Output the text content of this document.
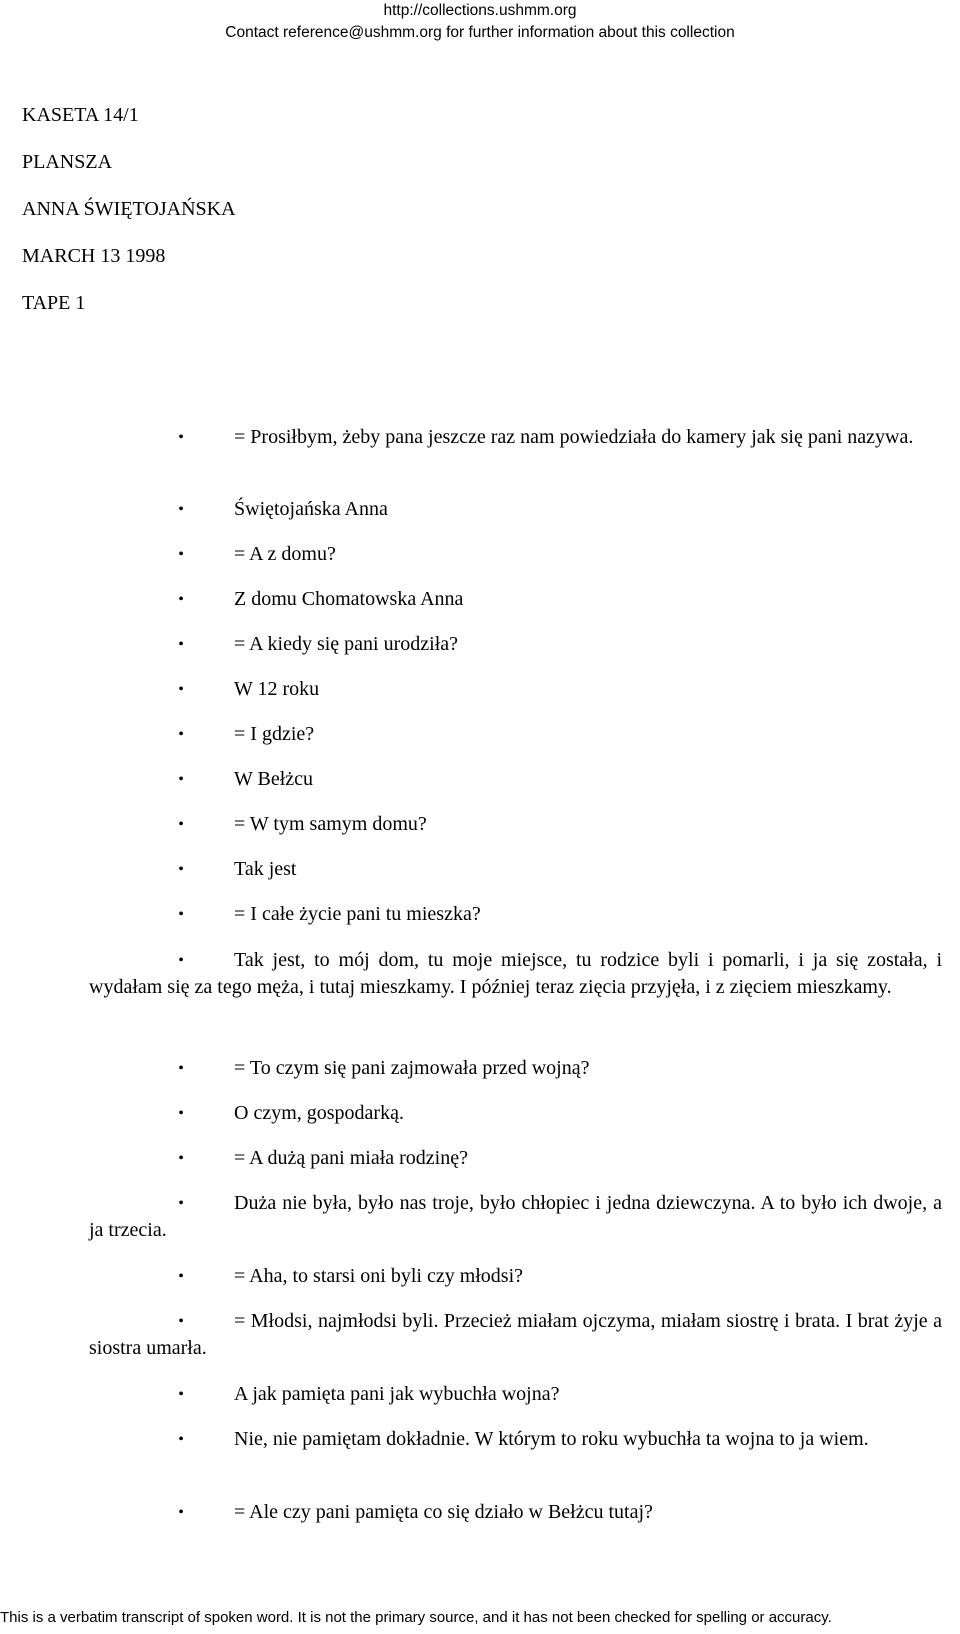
http://collections.ushmm.org
Contact reference@ushmm.org for further information about this collection
KASETA 14/1
PLANSZA
ANNA ŚWIĘTOJAŃSKA
MARCH 13 1998
TAPE 1
•	= Prosiłbym, żeby pana jeszcze raz nam powiedziała do kamery jak się pani nazywa.
•	Świętojańska Anna
•	= A z domu?
•	Z domu Chomatowska Anna
•	= A kiedy się pani urodziła?
•	W 12 roku
•	= I gdzie?
•	W Bełżcu
•	= W tym samym domu?
•	Tak jest
•	= I całe życie pani tu mieszka?
•	Tak jest, to mój dom, tu moje miejsce, tu rodzice byli i pomarli, i ja się została, i wydałam się za tego męża, i tutaj mieszkamy. I później teraz zięcia przyjęła, i z zięciem mieszkamy.
•	= To czym się pani zajmowała przed wojną?
•	O czym, gospodarką.
•	= A dużą pani miała rodzinę?
•	Duża nie była, było nas troje, było chłopiec i jedna dziewczyna. A to było ich dwoje, a ja trzecia.
•	= Aha, to starsi oni byli czy młodsi?
•	= Młodsi, najmłodsi byli. Przecież miałam ojczyma, miałam siostrę i brata. I brat żyje a siostra umarła.
•	A jak pamięta pani jak wybuchła wojna?
•	Nie, nie pamiętam dokładnie. W którym to roku wybuchła ta wojna to ja wiem.
•	= Ale czy pani pamięta co się działo w Bełżcu tutaj?
This is a verbatim transcript of spoken word. It is not the primary source, and it has not been checked for spelling or accuracy.
